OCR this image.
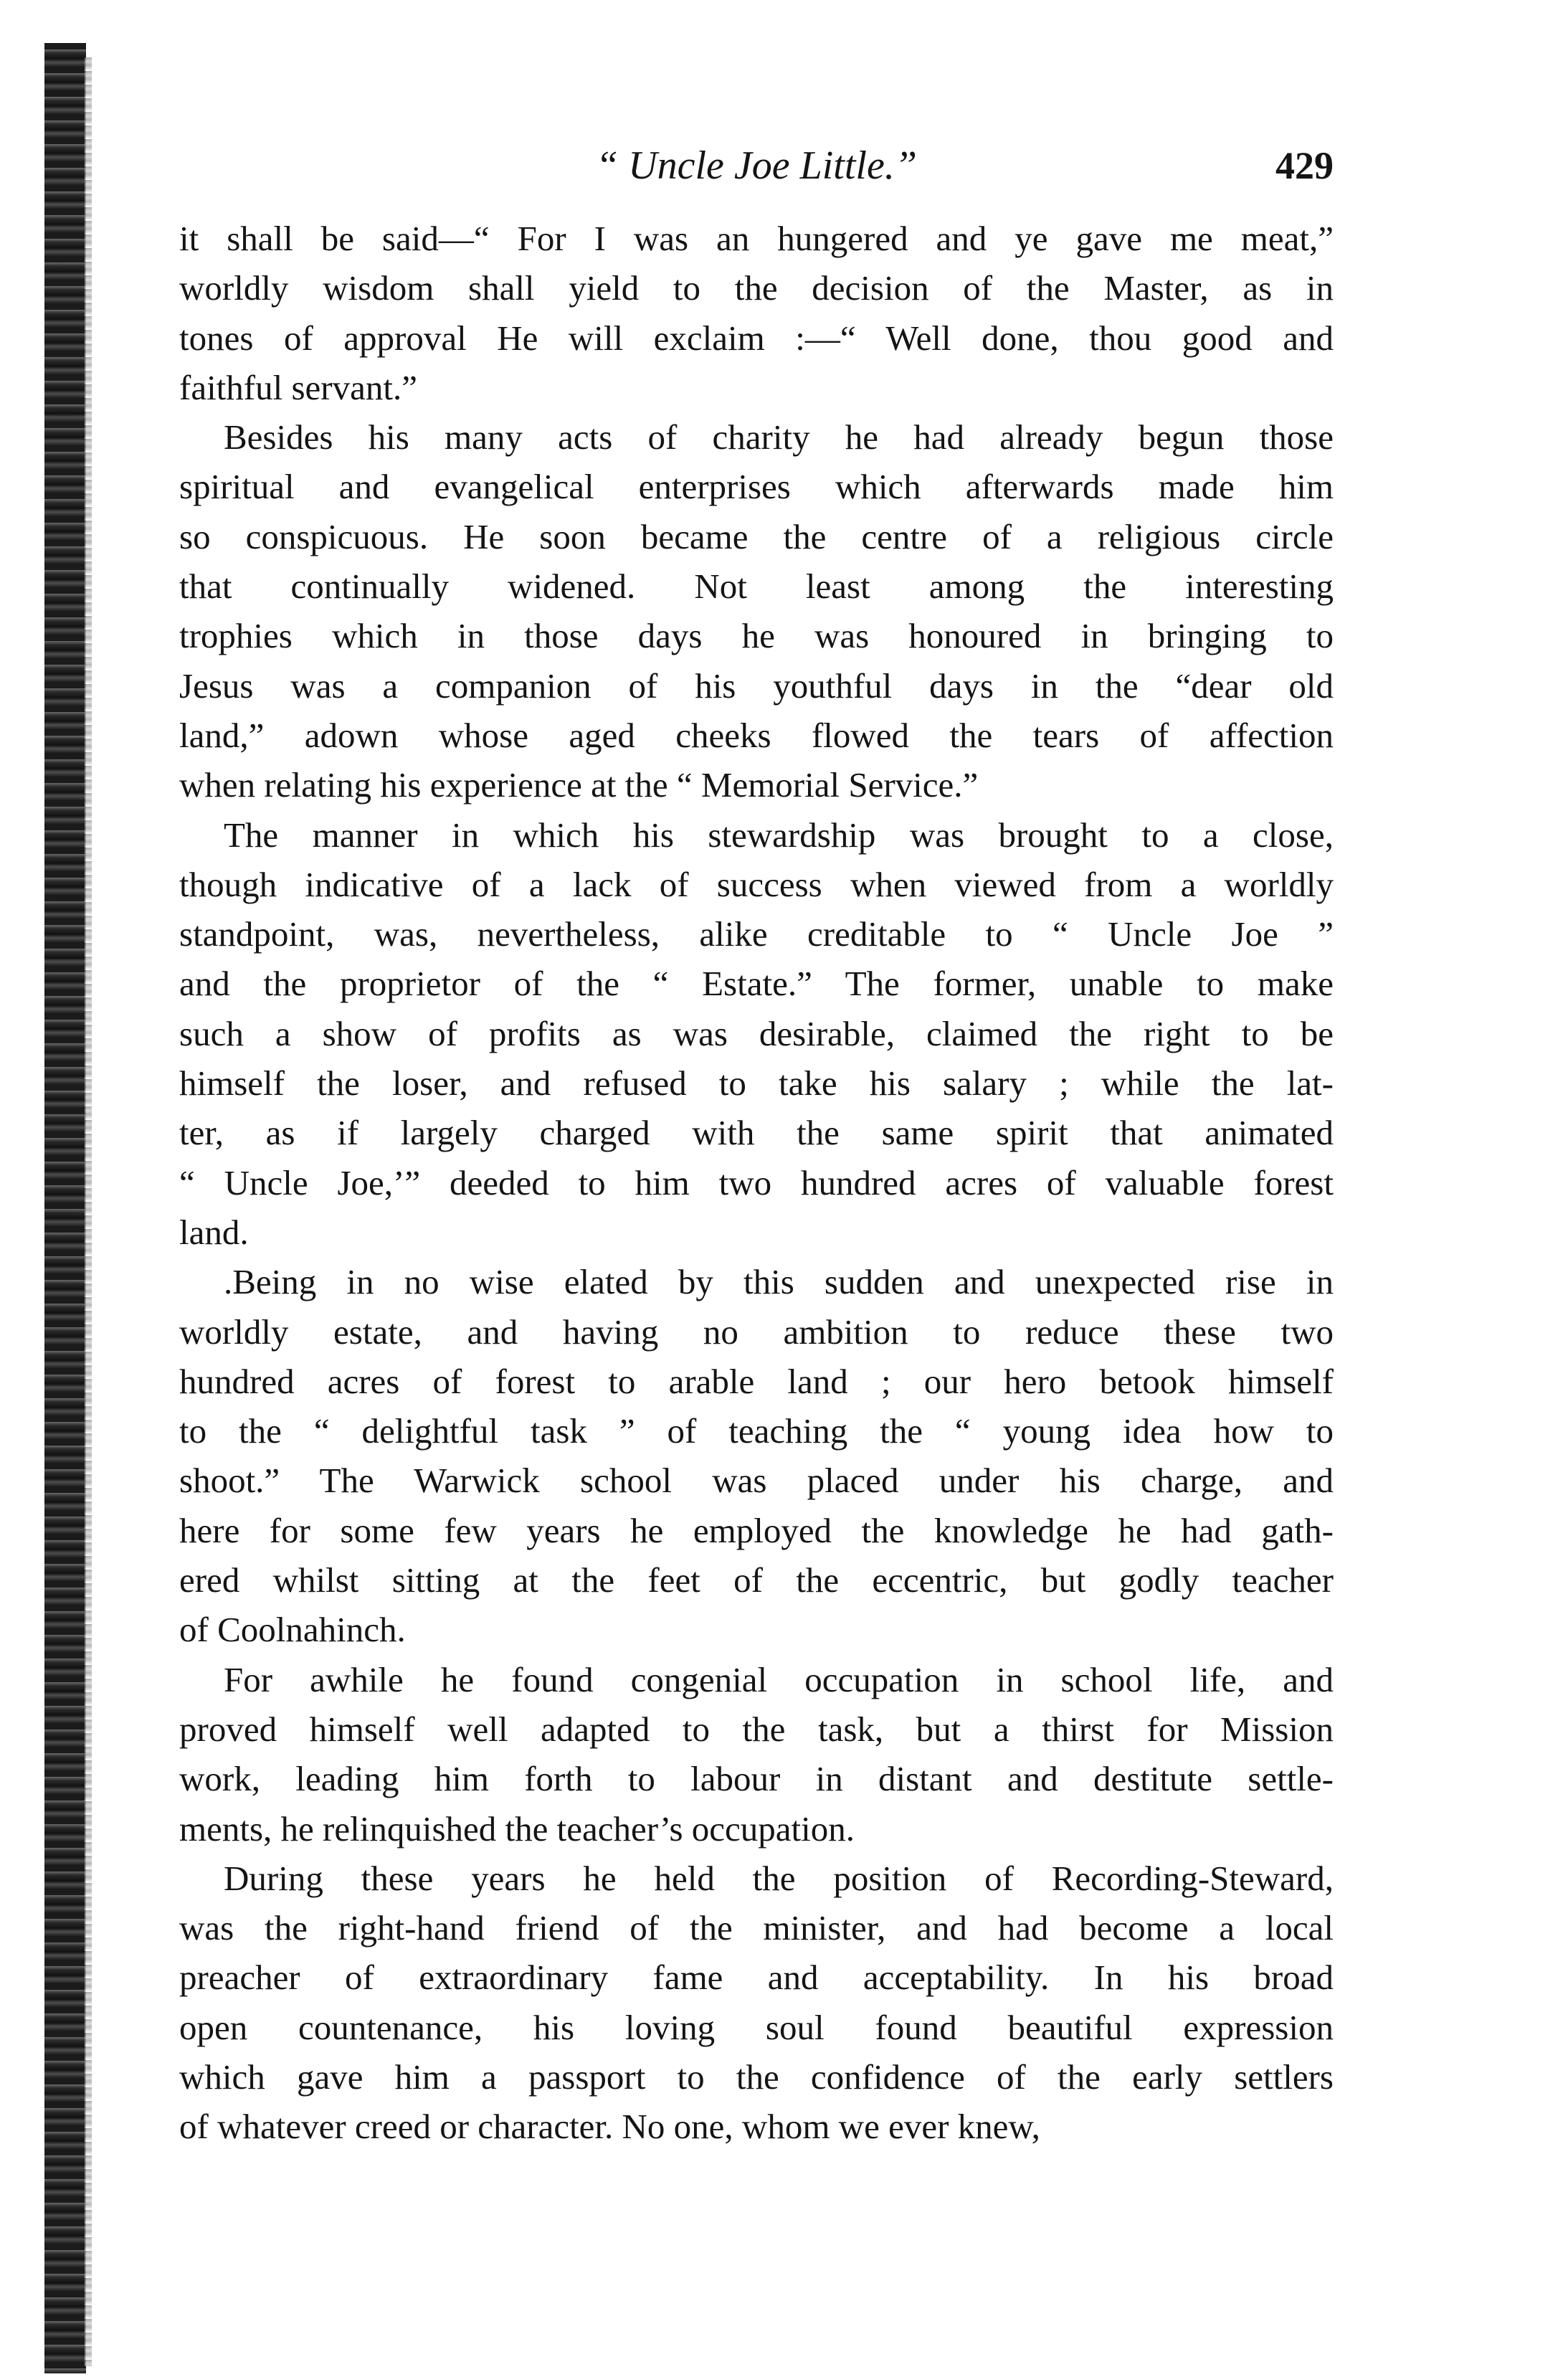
“ Uncle Joe Little.”	429
it shall be said—“ For I was an hungered and ye gave me meat,”
worldly wisdom shall yield to the decision of the Master, as in
tones of approval He will exclaim :—“ Well done, thou good and
faithful servant.”
Besides his many acts of charity he had already begun those
spiritual and evangelical enterprises which afterwards made him
so conspicuous. He soon became the centre of a religious circle
that continually widened. Not least among the interesting
trophies which in those days he was honoured in bringing to
Jesus was a companion of his youthful days in the “dear old
land,” adown whose aged cheeks flowed the tears of affection
when relating his experience at the “ Memorial Service.”
The manner in which his stewardship was brought to a close,
though indicative of a lack of success when viewed from a worldly
standpoint, was, nevertheless, alike creditable to “ Uncle Joe ”
and the proprietor of the “ Estate.” The former, unable to make
such a show of profits as was desirable, claimed the right to be
himself the loser, and refused to take his salary ; while the lat-
ter, as if largely charged with the same spirit that animated
“ Uncle Joe,’” deeded to him two hundred acres of valuable forest
land.
.Being in no wise elated by this sudden and unexpected rise in
worldly estate, and having no ambition to reduce these two
hundred acres of forest to arable land ; our hero betook himself
to the “ delightful task ” of teaching the “ young idea how to
shoot.” The Warwick school was placed under his charge, and
here for some few years he employed the knowledge he had gath-
ered whilst sitting at the feet of the eccentric, but godly teacher
of Coolnahinch.
For awhile he found congenial occupation in school life, and
proved himself well adapted to the task, but a thirst for Mission
work, leading him forth to labour in distant and destitute settle-
ments, he relinquished the teacher’s occupation.
During these years he held the position of Recording-Steward,
was the right-hand friend of the minister, and had become a local
preacher of extraordinary fame and acceptability. In his broad
open countenance, his loving soul found beautiful expression
which gave him a passport to the confidence of the early settlers
of whatever creed or character. No one, whom we ever knew,
